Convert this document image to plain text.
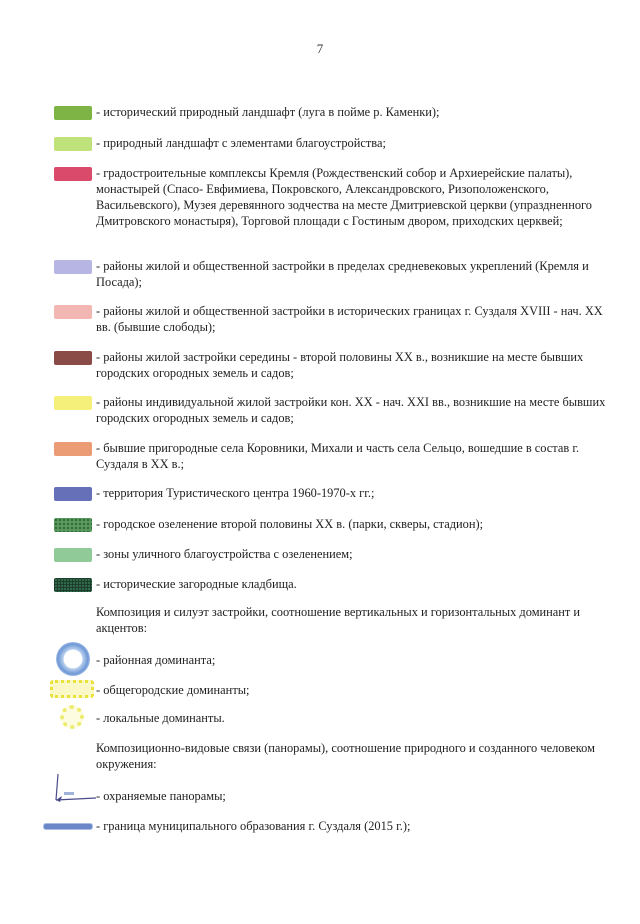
7
- исторический природный ландшафт (луга в пойме р. Каменки);
- природный ландшафт с элементами благоустройства;
- градостроительные комплексы Кремля (Рождественский собор и Архиерейские палаты), монастырей (Спасо- Евфимиева, Покровского, Александровского, Ризоположенского, Васильевского), Музея деревянного зодчества на месте Дмитриевской церкви (упраздненного Дмитровского монастыря), Торговой площади с Гостиным двором, приходских церквей;
- районы жилой и общественной застройки в пределах средневековых укреплений (Кремля и Посада);
- районы жилой и общественной застройки в исторических границах г. Суздаля XVIII - нач. ХХ вв. (бывшие слободы);
- районы жилой застройки середины - второй половины ХХ в., возникшие на месте бывших городских огородных земель и садов;
- районы индивидуальной жилой застройки кон. ХХ - нач. XXI вв., возникшие на месте бывших городских огородных земель и садов;
- бывшие пригородные села Коровники, Михали и часть села Сельцо, вошедшие в состав г. Суздаля в ХХ в.;
- территория Туристического центра 1960-1970-х гг.;
- городское озеленение второй половины ХХ в. (парки, скверы, стадион);
- зоны уличного благоустройства с озеленением;
- исторические загородные кладбища.
Композиция и силуэт застройки, соотношение вертикальных и горизонтальных доминант и акцентов:
- районная доминанта;
- общегородские доминанты;
- локальные доминанты.
Композиционно-видовые связи (панорамы), соотношение природного и созданного человеком окружения:
- охраняемые панорамы;
- граница муниципального образования г. Суздаля (2015 г.);
